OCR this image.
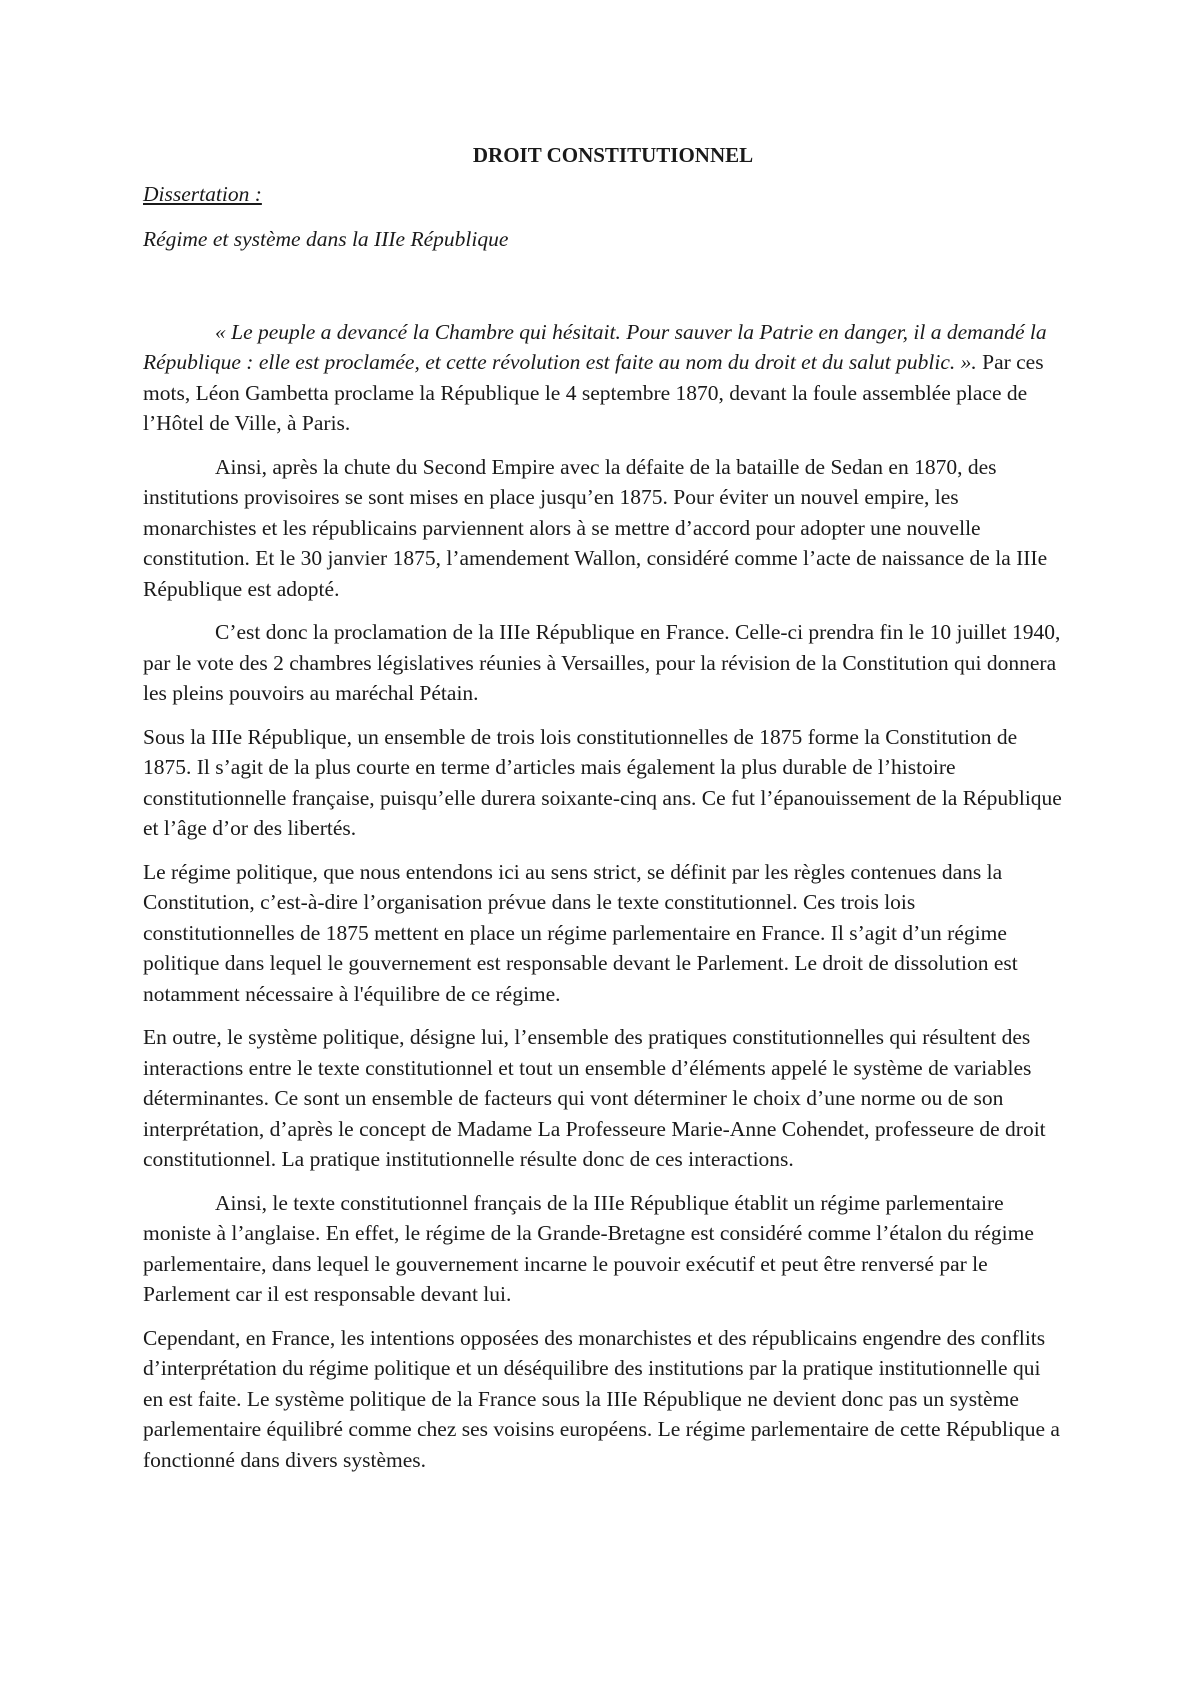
DROIT CONSTITUTIONNEL
Dissertation :
Régime et système dans la IIIe République

« Le peuple a devancé la Chambre qui hésitait. Pour sauver la Patrie en danger, il a demandé la République : elle est proclamée, et cette révolution est faite au nom du droit et du salut public. ». Par ces mots, Léon Gambetta proclame la République le 4 septembre 1870, devant la foule assemblée place de l’Hôtel de Ville, à Paris.

Ainsi, après la chute du Second Empire avec la défaite de la bataille de Sedan en 1870, des institutions provisoires se sont mises en place jusqu’en 1875. Pour éviter un nouvel empire, les monarchistes et les républicains parviennent alors à se mettre d’accord pour adopter une nouvelle constitution. Et le 30 janvier 1875, l’amendement Wallon, considéré comme l’acte de naissance de la IIIe République est adopté.

C’est donc la proclamation de la IIIe République en France. Celle-ci prendra fin le 10 juillet 1940, par le vote des 2 chambres législatives réunies à Versailles, pour la révision de la Constitution qui donnera les pleins pouvoirs au maréchal Pétain.

Sous la IIIe République, un ensemble de trois lois constitutionnelles de 1875 forme la Constitution de 1875. Il s’agit de la plus courte en terme d’articles mais également la plus durable de l’histoire constitutionnelle française, puisqu’elle durera soixante-cinq ans. Ce fut l’épanouissement de la République et l’âge d’or des libertés.

Le régime politique, que nous entendons ici au sens strict, se définit par les règles contenues dans la Constitution, c’est-à-dire l’organisation prévue dans le texte constitutionnel. Ces trois lois constitutionnelles de 1875 mettent en place un régime parlementaire en France. Il s’agit d’un régime politique dans lequel le gouvernement est responsable devant le Parlement. Le droit de dissolution est notamment nécessaire à l'équilibre de ce régime.

En outre, le système politique, désigne lui, l’ensemble des pratiques constitutionnelles qui résultent des interactions entre le texte constitutionnel et tout un ensemble d’éléments appelé le système de variables déterminantes. Ce sont un ensemble de facteurs qui vont déterminer le choix d’une norme ou de son interprétation, d’après le concept de Madame La Professeure Marie-Anne Cohendet, professeure de droit constitutionnel. La pratique institutionnelle résulte donc de ces interactions.

Ainsi, le texte constitutionnel français de la IIIe République établit un régime parlementaire moniste à l’anglaise. En effet, le régime de la Grande-Bretagne est considéré comme l’étalon du régime parlementaire, dans lequel le gouvernement incarne le pouvoir exécutif et peut être renversé par le Parlement car il est responsable devant lui.

Cependant, en France, les intentions opposées des monarchistes et des républicains engendre des conflits d’interprétation du régime politique et un déséquilibre des institutions par la pratique institutionnelle qui en est faite. Le système politique de la France sous la IIIe République ne devient donc pas un système parlementaire équilibré comme chez ses voisins européens. Le régime parlementaire de cette République a fonctionné dans divers systèmes.
